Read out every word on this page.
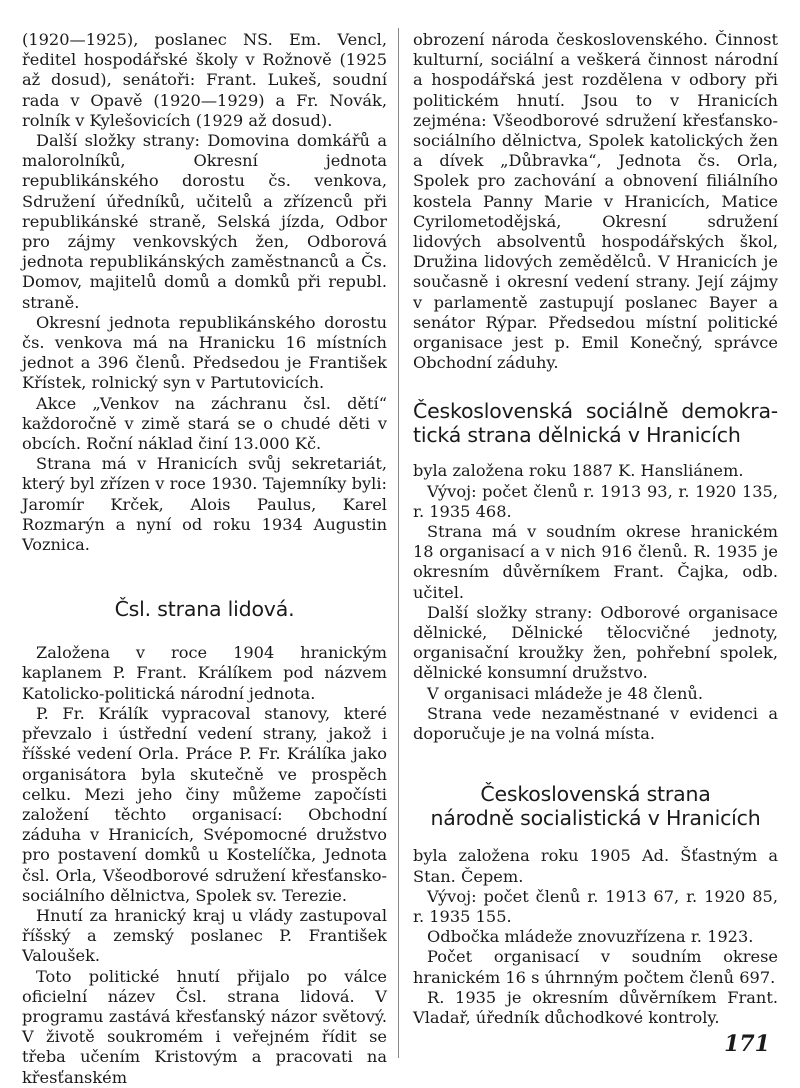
(1920—1925), poslanec NS. Em. Vencl, ředitel hospodářské školy v Rožnově (1925 až dosud), senátoři: Frant. Lukeš, soudní rada v Opavě (1920—1929) a Fr. Novák, rolník v Kylešovicích (1929 až dosud).

Další složky strany: Domovina domkářů a malorolníků, Okresní jednota republikánského dorostu čs. venkova, Sdružení úředníků, učitelů a zřízenců při republikánské straně, Selská jízda, Odbor pro zájmy venkovských žen, Odborová jednota republikánských zaměstnanců a Čs. Domov, majitelů domů a domků při republ. straně.

Okresní jednota republikánského dorostu čs. venkova má na Hranicku 16 místních jednot a 396 členů. Předsedou je František Křístek, rolnický syn v Partutovicích.

Akce „Venkov na záchranu čsl. dětí“ každoročně v zimě stará se o chudé děti v obcích. Roční náklad činí 13.000 Kč.

Strana má v Hranicích svůj sekretariát, který byl zřízen v roce 1930. Tajemníky byli: Jaromír Krček, Alois Paulus, Karel Rozmarýn a nyní od roku 1934 Augustin Voznica.

Čsl. strana lidová.

Založena v roce 1904 hranickým kaplanem P. Frant. Králíkem pod názvem Katolicko-politická národní jednota.

P. Fr. Králík vypracoval stanovy, které převzalo i ústřední vedení strany, jakož i říšské vedení Orla. Práce P. Fr. Králíka jako organisátora byla skutečně ve prospěch celku. Mezi jeho činy můžeme započísti založení těchto organisací: Obchodní záduha v Hranicích, Svépomocné družstvo pro postavení domků u Kostelíčka, Jednota čsl. Orla, Všeodborové sdružení křesťansko-sociálního dělnictva, Spolek sv. Terezie.

Hnutí za hranický kraj u vlády zastupoval říšský a zemský poslanec P. František Valoušek.

Toto politické hnutí přijalo po válce oficielní název Čsl. strana lidová. V programu zastává křesťanský názor světový. V životě soukromém i veřejném řídit se třeba učením Kristovým a pracovati na křesťanském

obrození národa československého. Činnost kulturní, sociální a veškerá činnost národní a hospodářská jest rozdělena v odbory při politickém hnutí. Jsou to v Hranicích zejména: Všeodborové sdružení křesťansko-sociálního dělnictva, Spolek katolických žen a dívek „Důbravka“, Jednota čs. Orla, Spolek pro zachování a obnovení filiálního kostela Panny Marie v Hranicích, Matice Cyrilometodějská, Okresní sdružení lidových absolventů hospodářských škol, Družina lidových zemědělců. V Hranicích je současně i okresní vedení strany. Její zájmy v parlamentě zastupují poslanec Bayer a senátor Rýpar. Předsedou místní politické organisace jest p. Emil Konečný, správce Obchodní záduhy.

Československá sociálně demokra-
tická strana dělnická v Hranicích

byla založena roku 1887 K. Hansliánem.

Vývoj: počet členů r. 1913 93, r. 1920 135, r. 1935 468.

Strana má v soudním okrese hranickém 18 organisací a v nich 916 členů. R. 1935 je okresním důvěrníkem Frant. Čajka, odb. učitel.

Další složky strany: Odborové organisace dělnické, Dělnické tělocvičné jednoty, organisační kroužky žen, pohřební spolek, dělnické konsumní družstvo.

V organisaci mládeže je 48 členů.

Strana vede nezaměstnané v evidenci a doporučuje je na volná místa.

Československá strana
národně socialistická v Hranicích

byla založena roku 1905 Ad. Šťastným a Stan. Čepem.

Vývoj: počet členů r. 1913 67, r. 1920 85, r. 1935 155.

Odbočka mládeže znovuzřízena r. 1923.

Počet organisací v soudním okrese hranickém 16 s úhrnným počtem členů 697.

R. 1935 je okresním důvěrníkem Frant. Vladař, úředník důchodkové kontroly.

171
